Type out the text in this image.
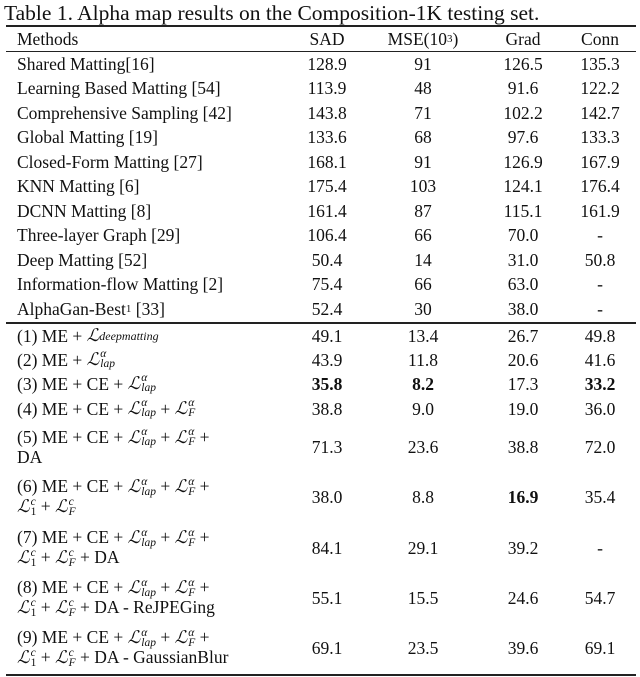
Table 1. Alpha map results on the Composition-1K testing set.
Methods	SAD	MSE(10 3 )	Grad	Conn
Shared Matting[16]	128.9	91	126.5	135.3
Learning Based Matting [54]	113.9	48	91.6	122.2
Comprehensive Sampling [42]	143.8	71	102.2	142.7
Global Matting [19]	133.6	68	97.6	133.3
Closed-Form Matting [27]	168.1	91	126.9	167.9
KNN Matting [6]	175.4	103	124.1	176.4
DCNN Matting [8]	161.4	87	115.1	161.9
Three-layer Graph [29]	106.4	66	70.0	-
Deep Matting [52]	50.4	14	31.0	50.8
Information-flow Matting [2]	75.4	66	63.0	-
AlphaGan-Best 1 [33]	52.4	30	38.0	-
(1) ME + ℒ deepmatting	49.1	13.4	26.7	49.8
(2) ME + ℒ α
lap	43.9	11.8	20.6	41.6
(3) ME + CE + ℒ α
lap	35.8	8.2	17.3	33.2
(4) ME + CE + ℒ α
lap + ℒ α
F	38.8	9.0	19.0	36.0
(5) ME + CE + ℒ α
lap + ℒ α
F +
DA	71.3	23.6	38.8	72.0
(6) ME + CE + ℒ α
lap + ℒ α
F +
ℒ c
1 + ℒ c
F
38.0	8.8	16.9	35.4
(7) ME + CE + ℒ α
lap + ℒ α
F +
ℒ c
1 + ℒ c
F + DA	84.1	29.1	39.2	-
(8) ME + CE + ℒ α
lap + ℒ α
F +
ℒ c
1 + ℒ c
F + DA - ReJPEGing	55.1	15.5	24.6	54.7
(9) ME + CE + ℒ α
lap + ℒ α
F +
ℒ c
1 + ℒ c
F + DA - GaussianBlur	69.1	23.5	39.6	69.1
